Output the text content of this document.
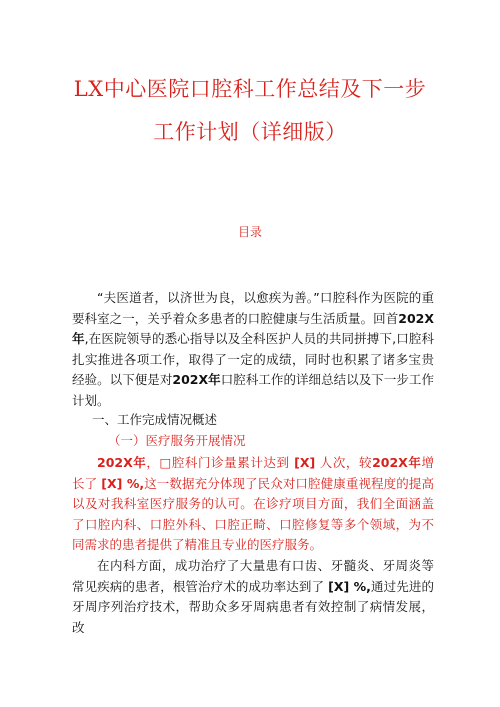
LX中心医院口腔科工作总结及下一步
工作计划（详细版）
目录

“夫医道者，以济世为良，以愈疾为善。”口腔科作为医院的重要科室之一，关乎着众多患者的口腔健康与生活质量。回首202X年,在医院领导的悉心指导以及全科医护人员的共同拼搏下,口腔科扎实推进各项工作，取得了一定的成绩，同时也积累了诸多宝贵经验。以下便是对202X年口腔科工作的详细总结以及下一步工作计划。

一、工作完成情况概述

（一）医疗服务开展情况

202X年，□腔科门诊量累计达到 [X] 人次，较202X年增长了 [X] %,这一数据充分体现了民众对口腔健康重视程度的提高以及对我科室医疗服务的认可。在诊疗项目方面，我们全面涵盖了口腔内科、口腔外科、口腔正畸、口腔修复等多个领域，为不同需求的患者提供了精准且专业的医疗服务。

在内科方面，成功治疗了大量患有口齿、牙髓炎、牙周炎等常见疾病的患者，根管治疗术的成功率达到了 [X] %,通过先进的牙周序列治疗技术，帮助众多牙周病患者有效控制了病情发展，改
